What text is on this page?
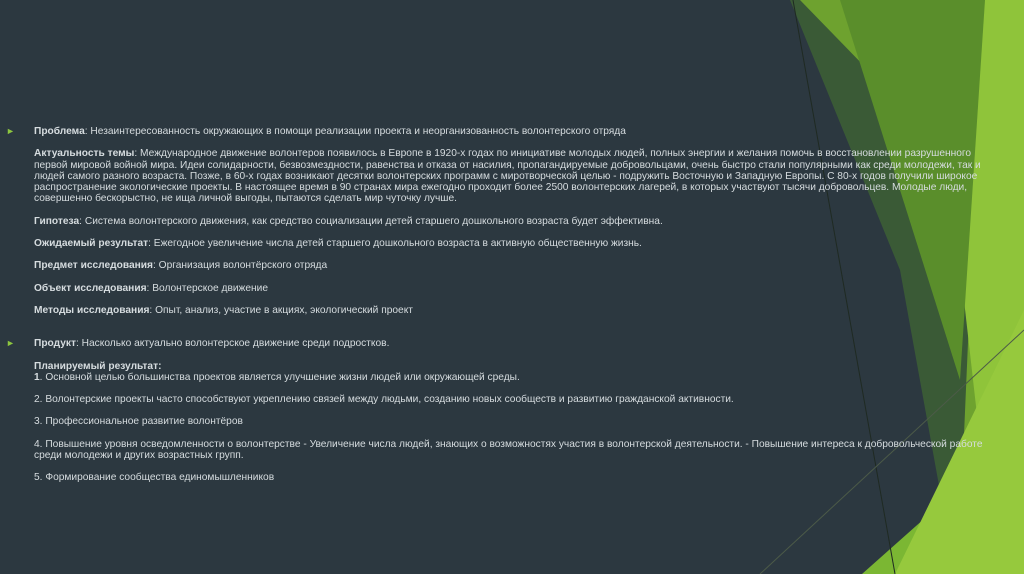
► Проблема: Незаинтересованность окружающих в помощи реализации проекта и неорганизованность волонтерского отряда

Актуальность темы: Международное движение волонтеров появилось в Европе в 1920-х годах по инициативе молодых людей, полных энергии и желания помочь в восстановлении разрушенного первой мировой войной мира. Идеи солидарности, безвозмездности, равенства и отказа от насилия, пропагандируемые добровольцами, очень быстро стали популярными как среди молодежи, так и людей самого разного возраста. Позже, в 60-х годах возникают десятки волонтерских программ с миротворческой целью - подружить Восточную и Западную Европы. С 80-х годов получили широкое распространение экологические проекты. В настоящее время в 90 странах мира ежегодно проходит более 2500 волонтерских лагерей, в которых участвуют тысячи добровольцев. Молодые люди, совершенно бескорыстно, не ища личной выгоды, пытаются сделать мир чуточку лучше.

Гипотеза: Система волонтерского движения, как средство социализации детей старшего дошкольного возраста будет эффективна.

Ожидаемый результат: Ежегодное увеличение числа детей старшего дошкольного возраста в активную общественную жизнь.

Предмет исследования: Организация волонтёрского отряда

Объект исследования: Волонтерское движение

Методы исследования: Опыт, анализ, участие в акциях, экологический проект

► Продукт: Насколько актуально волонтерское движение среди подростков.

Планируемый результат:
1. Основной целью большинства проектов является улучшение жизни людей или окружающей среды.

2. Волонтерские проекты часто способствуют укреплению связей между людьми, созданию новых сообществ и развитию гражданской активности.

3. Профессиональное развитие волонтёров

4. Повышение уровня осведомленности о волонтерстве - Увеличение числа людей, знающих о возможностях участия в волонтерской деятельности. - Повышение интереса к добровольческой работе среди молодежи и других возрастных групп.

5. Формирование сообщества единомышленников
